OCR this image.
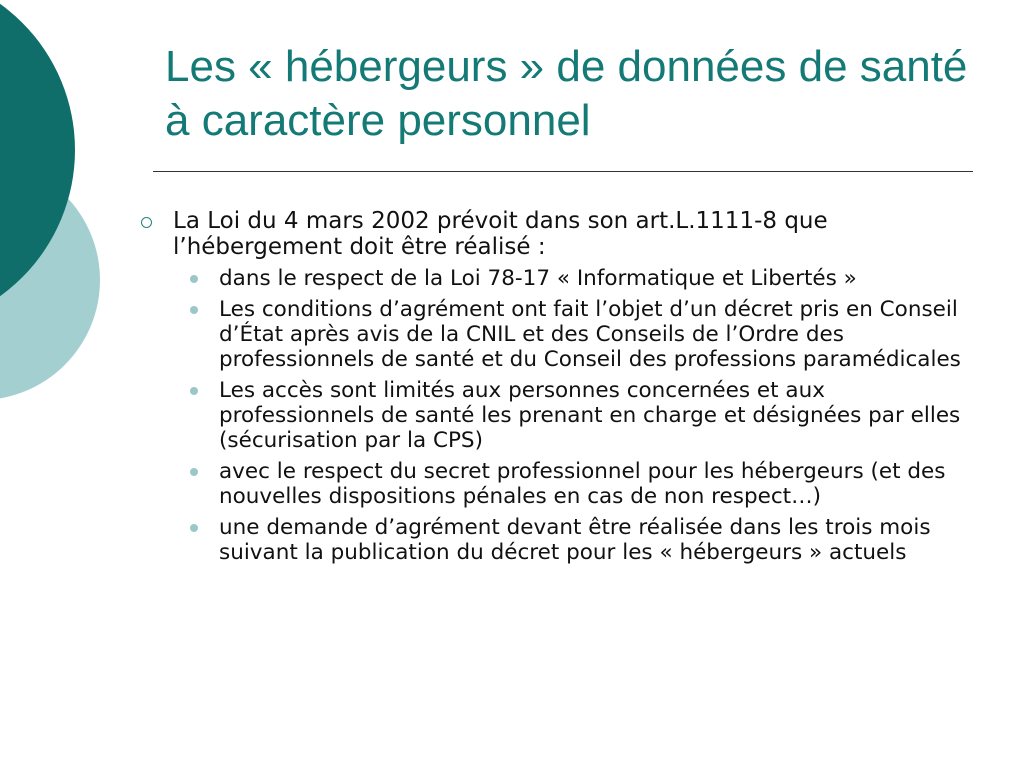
Les « hébergeurs » de données de santé à caractère personnel
La Loi du 4 mars 2002 prévoit dans son art.L.1111-8 que l’hébergement doit être réalisé :
dans le respect de la Loi 78-17 « Informatique et Libertés »
Les conditions d’agrément ont fait l’objet d’un décret pris en Conseil d’État après avis de la CNIL et des Conseils de l’Ordre des professionnels de santé et du Conseil des professions paramédicales
Les accès sont limités aux personnes concernées et aux professionnels de santé les prenant en charge et désignées par elles (sécurisation par la CPS)
avec le respect du secret professionnel pour les hébergeurs (et des nouvelles dispositions pénales en cas de non respect…)
une demande d’agrément devant être réalisée dans les trois mois suivant la publication du décret pour les « hébergeurs » actuels
